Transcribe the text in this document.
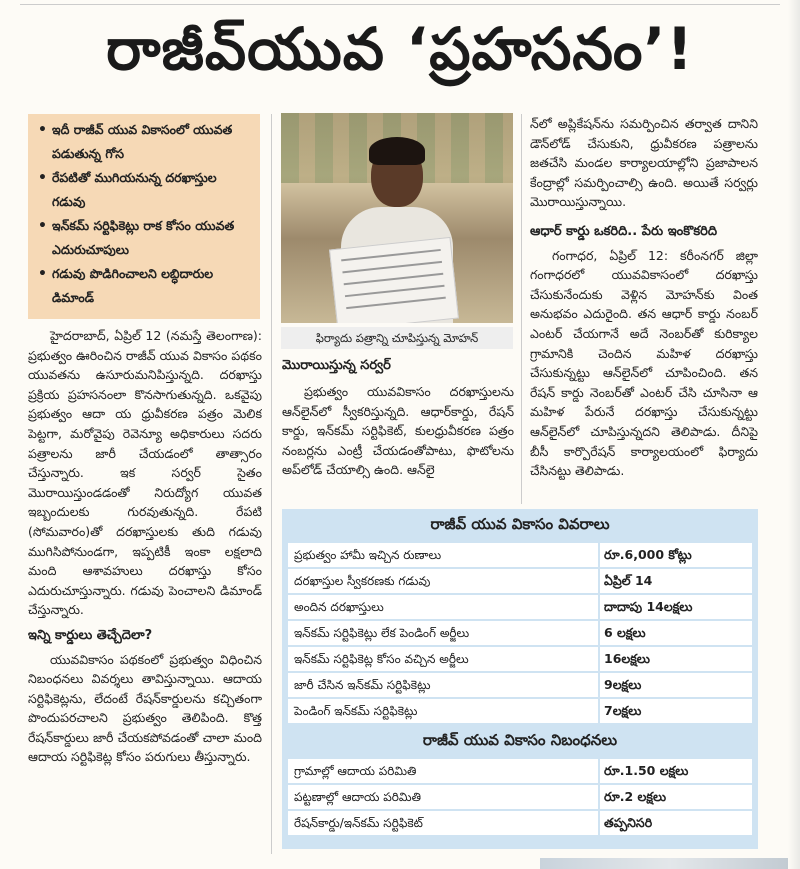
రాజీవ్‌యువ ‘ప్రహసనం’!
• ఇదీ రాజీవ్ యువ వికాసంలో యువత పడుతున్న గోస
• రేపటితో ముగియనున్న దరఖాస్తుల గడువు
• ఇన్‌కమ్ సర్టిఫికెట్లు రాక కోసం యువత ఎదురుచూపులు
• గడువు పొడిగించాలని లబ్ధిదారుల డిమాండ్

హైదరాబాద్, ఏప్రిల్ 12 (నమస్తే తెలంగాణ): ప్రభుత్వం ఊరించిన రాజీవ్ యువ వికాసం పథకం యువతను ఉసూరుమనిపిస్తున్నది. దరఖాస్తు ప్రక్రియ ప్రహసనంలా కొనసాగుతున్నది. ఒకవైపు ప్రభుత్వం ఆదా య ధ్రువీకరణ పత్రం మెలిక పెట్టగా, మరోవైపు రెవెన్యూ అధికారులు సదరు పత్రాలను జారీ చేయడంలో తాత్సారం చేస్తున్నారు. ఇక సర్వర్ సైతం మొరాయిస్తుండడంతో నిరుద్యోగ యువత ఇబ్బందులకు గురవుతున్నది. రేపటి (సోమవారం)తో దరఖాస్తులకు తుది గడువు ముగిసిపోనుండగా, ఇప్పటికీ ఇంకా లక్షలాది మంది ఆశావహులు దరఖాస్తు కోసం ఎదురుచూస్తున్నారు. గడువు పెంచాలని డిమాండ్ చేస్తున్నారు.

ఇన్ని కార్డులు తెచ్చేదెలా?

యువవికాసం పథకంలో ప్రభుత్వం విధించిన నిబంధనలు వివర్శలు తావిస్తున్నాయి. ఆదాయ సర్టిఫికెట్లను, లేదంటే రేషన్‌కార్డులను కచ్చితంగా పొందుపరచాలని ప్రభుత్వం తెలిపింది. కొత్త రేషన్‌కార్డులు జారీ చేయకపోవడంతో చాలా మంది ఆదాయ సర్టిఫికెట్ల కోసం పరుగులు తీస్తున్నారు.

ఫిర్యాదు పత్రాన్ని చూపిస్తున్న మోహన్
మొరాయిస్తున్న సర్వర్

ప్రభుత్వం యువవికాసం దరఖాస్తులను ఆన్‌లైన్‌లో స్వీకరిస్తున్నది. ఆధార్‌కార్డు, రేషన్ కార్డు, ఇన్‌కమ్ సర్టిఫికెట్, కులధ్రువీకరణ పత్రం నంబర్లను ఎంట్రీ చేయడంతోపాటు, ఫొటోలను అప్‌లోడ్ చేయాల్సి ఉంది. ఆన్‌లై

న్‌లో అప్లికేషన్‌ను సమర్పించిన తర్వాత దానిని డౌన్‌లోడ్ చేసుకుని, ధ్రువీకరణ పత్రాలను జతచేసి మండల కార్యాలయాల్లోని ప్రజాపాలన కేంద్రాల్లో సమర్పించాల్సి ఉంది. అయితే సర్వర్లు మొరాయిస్తున్నాయి.

ఆధార్ కార్డు ఒకరిది.. పేరు ఇంకొకరిది

గంగాధర, ఏప్రిల్ 12: కరీంనగర్ జిల్లా గంగాధరలో యువవికాసంలో దరఖాస్తు చేసుకునేందుకు వెళ్లిన మోహన్‌కు వింత అనుభవం ఎదురైంది. తన ఆధార్ కార్డు నంబర్ ఎంటర్ చేయగానే అదే నెంబర్‌తో కురిక్యాల గ్రామానికి చెందిన మహిళ దరఖాస్తు చేసుకున్నట్టు ఆన్‌లైన్‌లో చూపించింది. తన రేషన్ కార్డు నెంబర్‌తో ఎంటర్ చేసి చూసినా ఆ మహిళ పేరునే దరఖాస్తు చేసుకున్నట్టు ఆన్‌లైన్‌లో చూపిస్తున్నదని తెలిపాడు. దీనిపై బీసీ కార్పొరేషన్ కార్యాలయంలో ఫిర్యాదు చేసినట్టు తెలిపాడు.

రాజీవ్ యువ వికాసం వివరాలు
ప్రభుత్వం హామీ ఇచ్చిన రుణాలు	రూ.6,000 కోట్లు
దరఖాస్తుల స్వీకరణకు గడువు	ఏప్రిల్ 14
అందిన దరఖాస్తులు	దాదాపు 14లక్షలు
ఇన్‌కమ్ సర్టిఫికెట్లు లేక పెండింగ్ అర్జీలు	6 లక్షలు
ఇన్‌కమ్ సర్టిఫికెట్ల కోసం వచ్చిన అర్జీలు	16లక్షలు
జారీ చేసిన ఇన్‌కమ్ సర్టిఫికెట్లు	9లక్షలు
పెండింగ్ ఇన్‌కమ్ సర్టిఫికెట్లు	7లక్షలు
రాజీవ్ యువ వికాసం నిబంధనలు
గ్రామాల్లో ఆదాయ పరిమితి	రూ.1.50 లక్షలు
పట్టణాల్లో ఆదాయ పరిమితి	రూ.2 లక్షలు
రేషన్‌కార్డు/ఇన్‌కమ్ సర్టిఫికెట్	తప్పనిసరి
